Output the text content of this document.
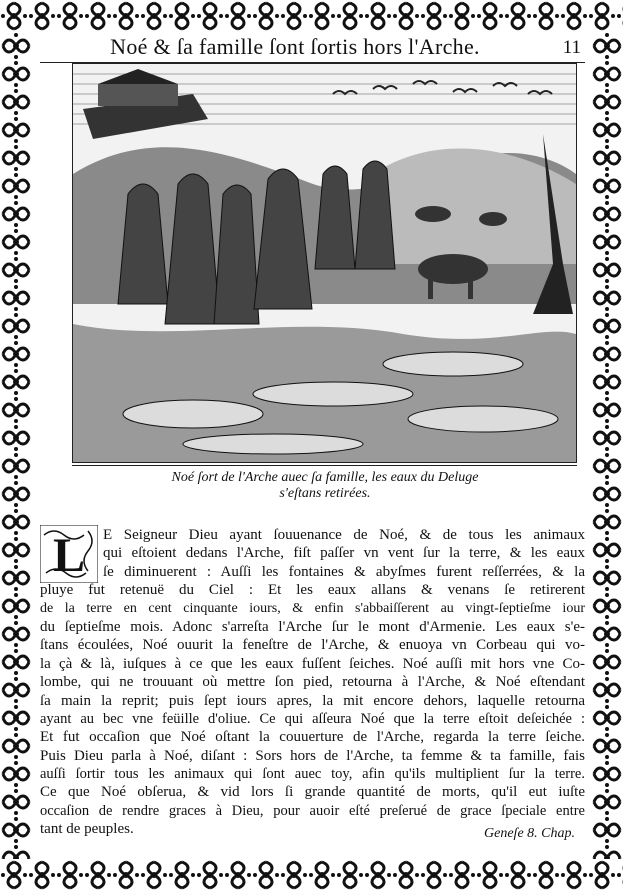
Noé & ſa famille ſont ſortis hors l'Arche.	11
Noé ſort de l'Arche auec ſa famille, les eaux du Deluge
s'eſtans retirées.
L	E Seigneur Dieu ayant ſouuenance de Noé, & de tous les animaux
qui eſtoient dedans l'Arche, fiſt paſſer vn vent ſur la terre, & les eaux
ſe diminuerent : Auſſi les fontaines & abyſmes furent reſſerrées, & la
pluye fut retenuë du Ciel : Et les eaux allans & venans ſe retirerent
de la terre en cent cinquante iours, & enfin s'abbaiſſerent au vingt-ſeptieſme iour
du ſeptieſme mois. Adonc s'arreſta l'Arche ſur le mont d'Armenie. Les eaux s'e-
ſtans écoulées, Noé ouurit la feneſtre de l'Arche, & enuoya vn Corbeau qui vo-
la çà & là, iuſques à ce que les eaux fuſſent ſeiches. Noé auſſi mit hors vne Co-
lombe, qui ne trouuant où mettre ſon pied, retourna à l'Arche, & Noé eſtendant
ſa main la reprit; puis ſept iours apres, la mit encore dehors, laquelle retourna
ayant au bec vne feüille d'oliue. Ce qui aſſeura Noé que la terre eſtoit deſeichée :
Et fut occaſion que Noé oſtant la couuerture de l'Arche, regarda la terre ſeiche.
Puis Dieu parla à Noé, diſant : Sors hors de l'Arche, ta femme & ta famille, fais
auſſi ſortir tous les animaux qui ſont auec toy, afin qu'ils multiplient ſur la terre.
Ce que Noé obſerua, & vid lors ſi grande quantité de morts, qu'il eut iuſte
occaſion de rendre graces à Dieu, pour auoir eſté preſerué de grace ſpeciale entre
tant de peuples.	Geneſe 8. Chap.
